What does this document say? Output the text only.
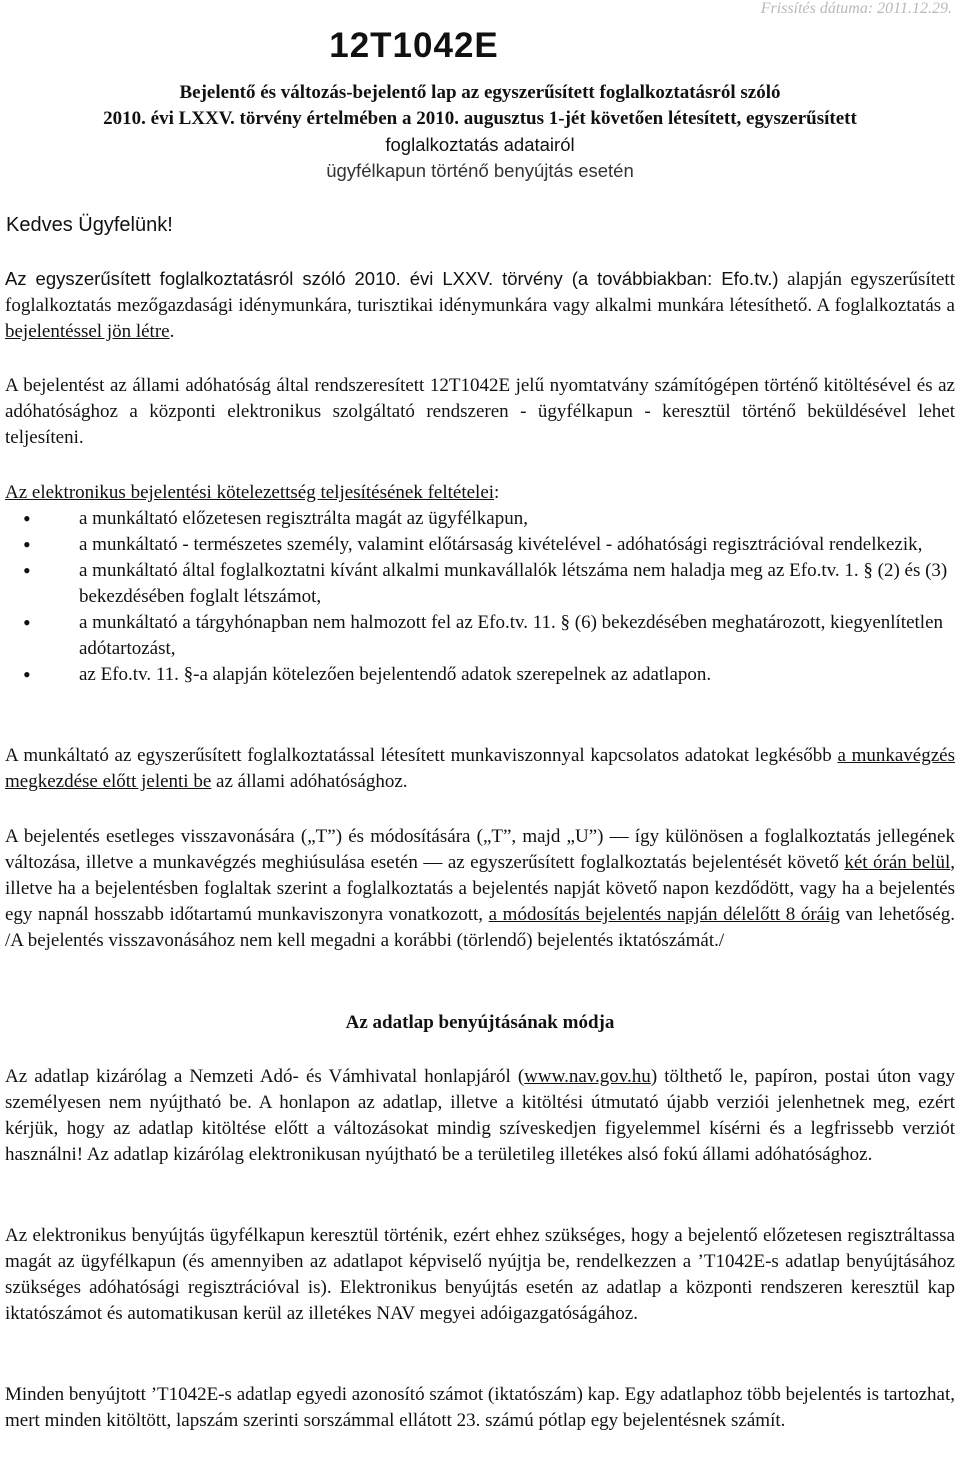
Frissítés dátuma: 2011.12.29.
12T1042E
Bejelentő és változás-bejelentő lap az egyszerűsített foglalkoztatásról szóló
2010. évi LXXV. törvény értelmében a 2010. augusztus 1-jét követően létesített, egyszerűsített
foglalkoztatás adatairól
ügyfélkapun történő benyújtás esetén
Kedves Ügyfelünk!
Az egyszerűsített foglalkoztatásról szóló 2010. évi LXXV. törvény (a továbbiakban: Efo.tv.) alapján egyszerűsített foglalkoztatás mezőgazdasági idénymunkára, turisztikai idénymunkára vagy alkalmi munkára létesíthető. A foglalkoztatás a bejelentéssel jön létre.
A bejelentést az állami adóhatóság által rendszeresített 12T1042E jelű nyomtatvány számítógépen történő kitöltésével és az adóhatósághoz a központi elektronikus szolgáltató rendszeren - ügyfélkapun - keresztül történő beküldésével lehet teljesíteni.
Az elektronikus bejelentési kötelezettség teljesítésének feltételei:
• a munkáltató előzetesen regisztrálta magát az ügyfélkapun,
• a munkáltató - természetes személy, valamint előtársaság kivételével - adóhatósági regisztrációval rendelkezik,
• a munkáltató által foglalkoztatni kívánt alkalmi munkavállalók létszáma nem haladja meg az Efo.tv. 1. § (2) és (3) bekezdésében foglalt létszámot,
• a munkáltató a tárgyhónapban nem halmozott fel az Efo.tv. 11. § (6) bekezdésében meghatározott, kiegyenlítetlen adótartozást,
• az Efo.tv. 11. §-a alapján kötelezően bejelentendő adatok szerepelnek az adatlapon.
A munkáltató az egyszerűsített foglalkoztatással létesített munkaviszonnyal kapcsolatos adatokat legkésőbb a munkavégzés megkezdése előtt jelenti be az állami adóhatósághoz.
A bejelentés esetleges visszavonására („T”) és módosítására („T”, majd „U”) — így különösen a foglalkoztatás jellegének változása, illetve a munkavégzés meghiúsulása esetén — az egyszerűsített foglalkoztatás bejelentését követő két órán belül, illetve ha a bejelentésben foglaltak szerint a foglalkoztatás a bejelentés napját követő napon kezdődött, vagy ha a bejelentés egy napnál hosszabb időtartamú munkaviszonyra vonatkozott, a módosítás bejelentés napján délelőtt 8 óráig van lehetőség. /A bejelentés visszavonásához nem kell megadni a korábbi (törlendő) bejelentés iktatószámát./
Az adatlap benyújtásának módja
Az adatlap kizárólag a Nemzeti Adó- és Vámhivatal honlapjáról (www.nav.gov.hu) tölthető le, papíron, postai úton vagy személyesen nem nyújtható be. A honlapon az adatlap, illetve a kitöltési útmutató újabb verziói jelenhetnek meg, ezért kérjük, hogy az adatlap kitöltése előtt a változásokat mindig szíveskedjen figyelemmel kísérni és a legfrissebb verziót használni! Az adatlap kizárólag elektronikusan nyújtható be a területileg illetékes alsó fokú állami adóhatósághoz.
Az elektronikus benyújtás ügyfélkapun keresztül történik, ezért ehhez szükséges, hogy a bejelentő előzetesen regisztráltassa magát az ügyfélkapun (és amennyiben az adatlapot képviselő nyújtja be, rendelkezzen a ’T1042E-s adatlap benyújtásához szükséges adóhatósági regisztrációval is). Elektronikus benyújtás esetén az adatlap a központi rendszeren keresztül kap iktatószámot és automatikusan kerül az illetékes NAV megyei adóigazgatóságához.
Minden benyújtott ’T1042E-s adatlap egyedi azonosító számot (iktatószám) kap. Egy adatlaphoz több bejelentés is tartozhat, mert minden kitöltött, lapszám szerinti sorszámmal ellátott 23. számú pótlap egy bejelentésnek számít.
